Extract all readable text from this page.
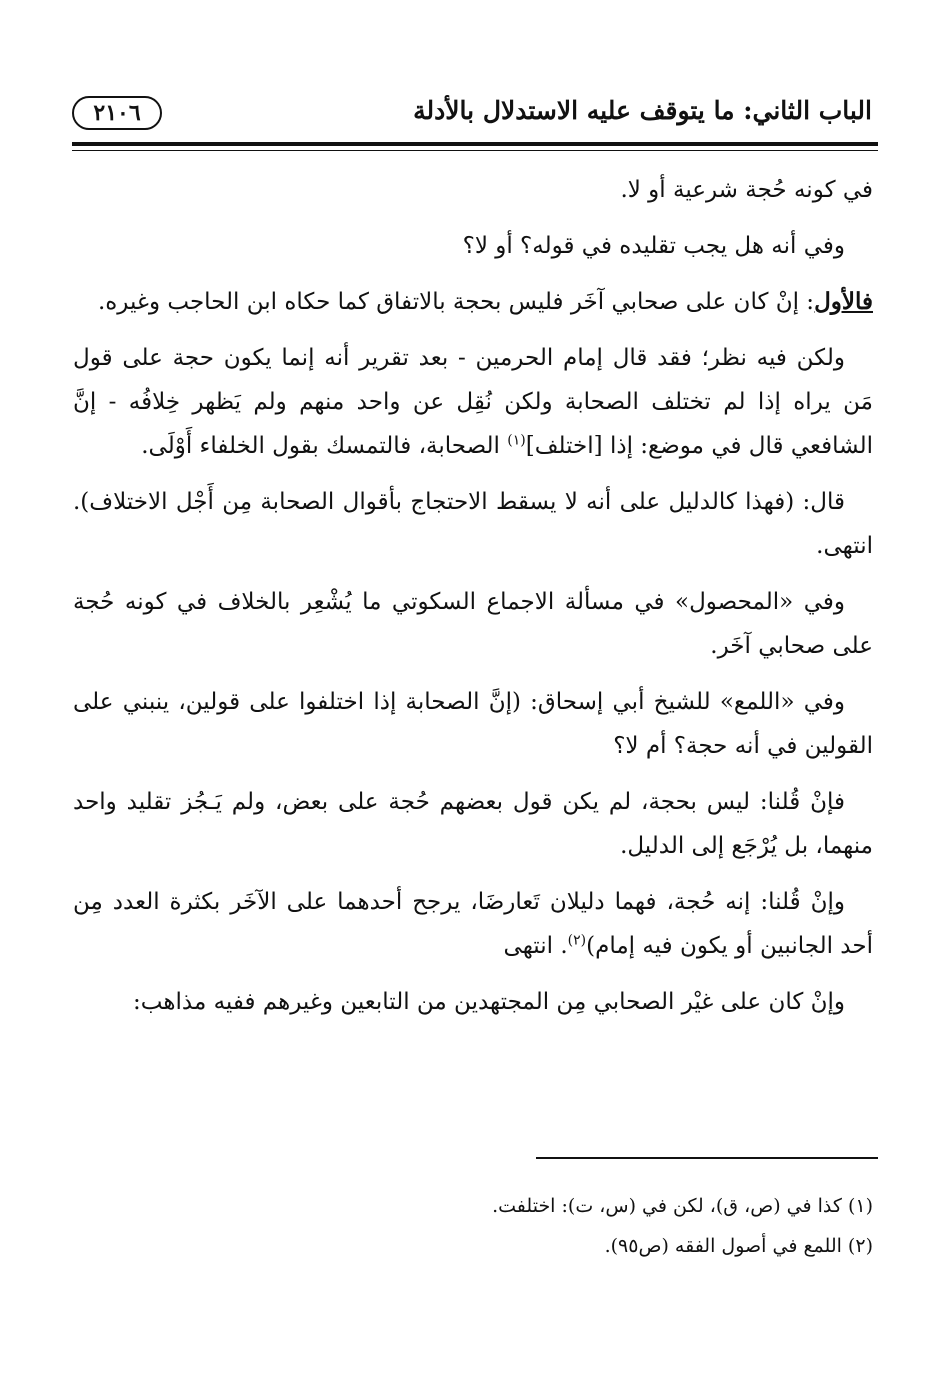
الباب الثاني: ما يتوقف عليه الاستدلال بالأدلة
٢١٠٦

في كونه حُجة شرعية أو لا.

وفي أنه هل يجب تقليده في قوله؟ أو لا؟

فالأول: إنْ كان على صحابي آخَر فليس بحجة بالاتفاق كما حكاه ابن الحاجب وغيره.

ولكن فيه نظر؛ فقد قال إمام الحرمين - بعد تقرير أنه إنما يكون حجة على قول مَن يراه إذا لم تختلف الصحابة ولكن نُقِل عن واحد منهم ولم يَظهر خِلافُه - إنَّ الشافعي قال في موضع: إذا [اختلف]$^{(١)}$ الصحابة، فالتمسك بقول الخلفاء أَوْلَى.

قال: (فهذا كالدليل على أنه لا يسقط الاحتجاج بأقوال الصحابة مِن أَجْل الاختلاف). انتهى.

وفي «المحصول» في مسألة الاجماع السكوتي ما يُشْعِر بالخلاف في كونه حُجة على صحابي آخَر.

وفي «اللمع» للشيخ أبي إسحاق: (إنَّ الصحابة إذا اختلفوا على قولين، ينبني على القولين في أنه حجة؟ أم لا؟

فإنْ قُلنا: ليس بحجة، لم يكن قول بعضهم حُجة على بعض، ولم يَـجُز تقليد واحد منهما، بل يُرْجَع إلى الدليل.

وإنْ قُلنا: إنه حُجة، فهما دليلان تَعارضَا، يرجح أحدهما على الآخَر بكثرة العدد مِن أحد الجانبين أو يكون فيه إمام)$^{(٢)}$. انتهى

وإنْ كان على غيْر الصحابي مِن المجتهدين من التابعين وغيرهم ففيه مذاهب:

(١) كذا في (ص، ق)، لكن في (س، ت): اختلفت.
(٢) اللمع في أصول الفقه (ص٩٥).
